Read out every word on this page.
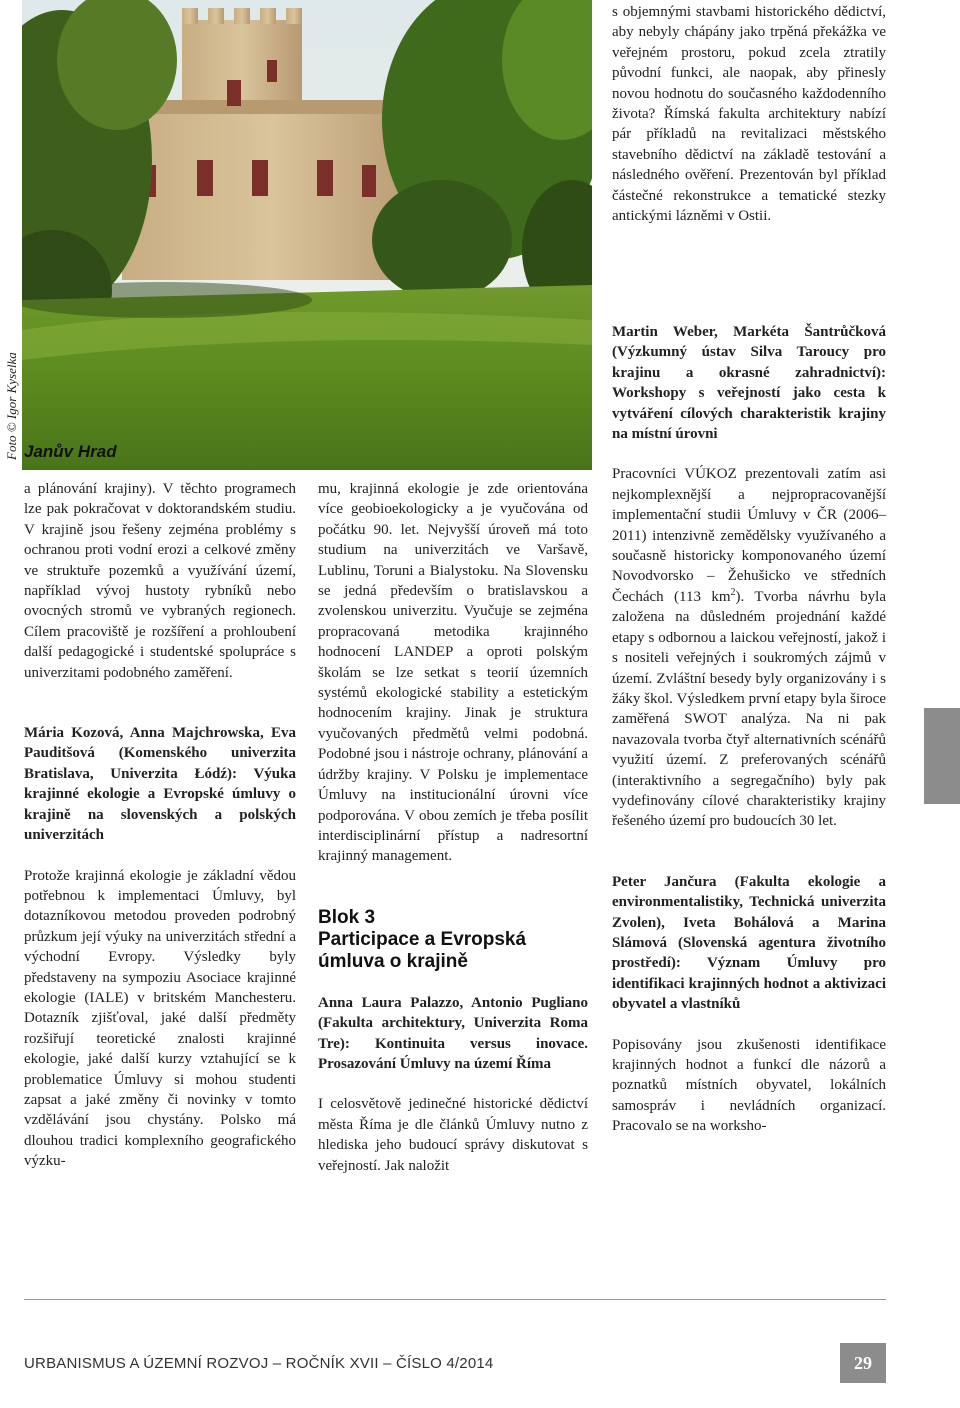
Foto © Igor Kyselka Janův Hrad
s objemnými stavbami historického dědictví, aby nebyly chápány jako trpěná překážka ve veřejném prostoru, pokud zcela ztratily původní funkci, ale naopak, aby přinesly novou hodnotu do současného každodenního života? Římská fakulta architektury nabízí pár příkladů na revitalizaci městského stavebního dědictví na základě testování a následného ověření. Prezentován byl příklad částečné rekonstrukce a tematické stezky antickými lázněmi v Ostii.

a plánování krajiny). V těchto programech lze pak pokračovat v doktorandském studiu. V krajině jsou řešeny zejména problémy s ochranou proti vodní erozi a celkové změny ve struktuře pozemků a využívání území, například vývoj hustoty rybníků nebo ovocných stromů ve vybraných regionech. Cílem pracoviště je rozšíření a prohloubení další pedagogické i studentské spolupráce s univerzitami podobného zaměření.

Mária Kozová, Anna Majchrowska, Eva Pauditšová (Komenského univerzita Bratislava, Univerzita Łódź): Výuka krajinné ekologie a Evropské úmluvy o krajině na slovenských a polských univerzitách

Protože krajinná ekologie je základní vědou potřebnou k implementaci Úmluvy, byl dotazníkovou metodou proveden podrobný průzkum její výuky na univerzitách střední a východní Evropy. Výsledky byly představeny na sympoziu Asociace krajinné ekologie (IALE) v britském Manchesteru. Dotazník zjišťoval, jaké další předměty rozšiřují teoretické znalosti krajinné ekologie, jaké další kurzy vztahující se k problematice Úmluvy si mohou studenti zapsat a jaké změny či novinky v tomto vzdělávání jsou chystány. Polsko má dlouhou tradici komplexního geografického výzku-

mu, krajinná ekologie je zde orientována více geobioekologicky a je vyučována od počátku 90. let. Nejvyšší úroveň má toto studium na univerzitách ve Varšavě, Lublinu, Toruni a Bialystoku. Na Slovensku se jedná především o bratislavskou a zvolenskou univerzitu. Vyučuje se zejména propracovaná metodika krajinného hodnocení LANDEP a oproti polským školám se lze setkat s teorií územních systémů ekologické stability a estetickým hodnocením krajiny. Jinak je struktura vyučovaných předmětů velmi podobná. Podobné jsou i nástroje ochrany, plánování a údržby krajiny. V Polsku je implementace Úmluvy na institucionální úrovni více podporována. V obou zemích je třeba posílit interdisciplinární přístup a nadresortní krajinný management.

Blok 3
Participace a Evropská úmluva o krajině

Anna Laura Palazzo, Antonio Pugliano (Fakulta architektury, Univerzita Roma Tre): Kontinuita versus inovace. Prosazování Úmluvy na území Říma

I celosvětově jedinečné historické dědictví města Říma je dle článků Úmluvy nutno z hlediska jeho budoucí správy diskutovat s veřejností. Jak naložit

Martin Weber, Markéta Šantrůčková (Výzkumný ústav Silva Taroucy pro krajinu a okrasné zahradnictví): Workshopy s veřejností jako cesta k vytváření cílových charakteristik krajiny na místní úrovni

Pracovníci VÚKOZ prezentovali zatím asi nejkomplexnější a nejpropracovanější implementační studii Úmluvy v ČR (2006–2011) intenzivně zemědělsky využívaného a současně historicky komponovaného území Novodvorsko – Žehušicko ve středních Čechách (113 $km^2$). Tvorba návrhu byla založena na důsledném projednání každé etapy s odbornou a laickou veřejností, jakož i s nositeli veřejných i soukromých zájmů v území. Zvláštní besedy byly organizovány i s žáky škol. Výsledkem první etapy byla široce zaměřená SWOT analýza. Na ni pak navazovala tvorba čtyř alternativních scénářů využití území. Z preferovaných scénářů (interaktivního a segregačního) byly pak vydefinovány cílové charakteristiky krajiny řešeného území pro budoucích 30 let.

Peter Jančura (Fakulta ekologie a environmentalistiky, Technická univerzita Zvolen), Iveta Bohálová a Marina Slámová (Slovenská agentura životního prostředí): Význam Úmluvy pro identifikaci krajinných hodnot a aktivizaci obyvatel a vlastníků

Popisovány jsou zkušenosti identifikace krajinných hodnot a funkcí dle názorů a poznatků místních obyvatel, lokálních samospráv i nevládních organizací. Pracovalo se na worksho-

URBANISMUS A ÚZEMNÍ ROZVOJ – ROČNÍK XVII – ČÍSLO 4/2014	29
